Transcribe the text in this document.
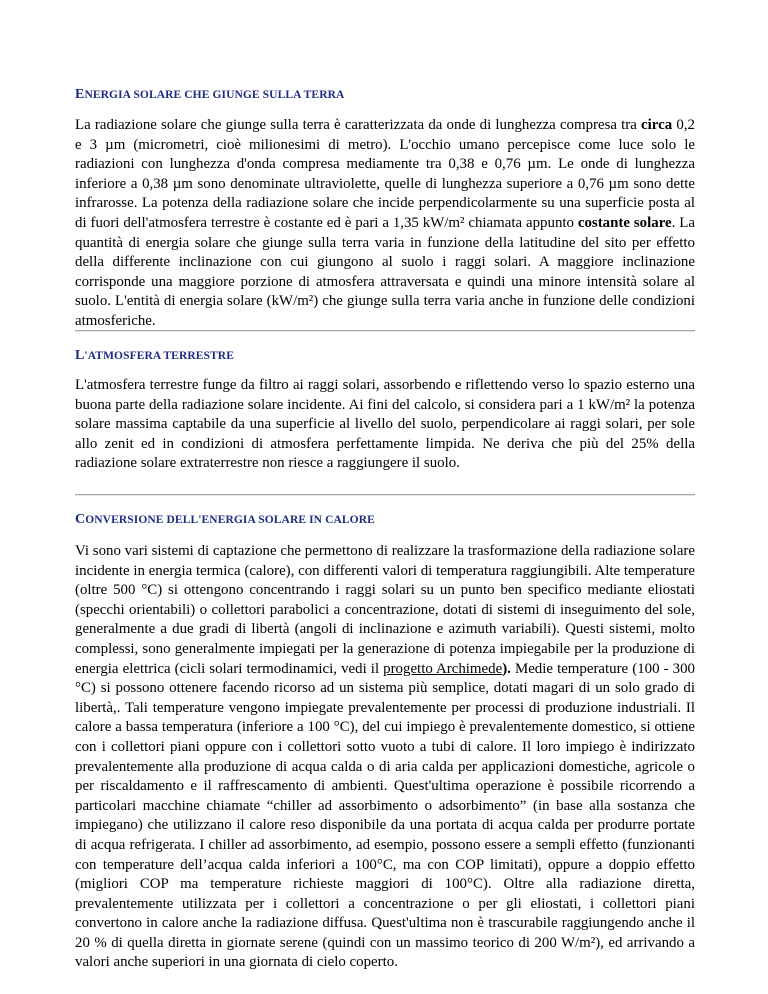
ENERGIA SOLARE CHE GIUNGE SULLA TERRA

La radiazione solare che giunge sulla terra è caratterizzata da onde di lunghezza compresa tra circa 0,2 e 3 µm (micrometri, cioè milionesimi di metro). L'occhio umano percepisce come luce solo le radiazioni con lunghezza d'onda compresa mediamente tra 0,38 e 0,76 µm. Le onde di lunghezza inferiore a 0,38 µm sono denominate ultraviolette, quelle di lunghezza superiore a 0,76 µm sono dette infrarosse. La potenza della radiazione solare che incide perpendicolarmente su una superficie posta al di fuori dell'atmosfera terrestre è costante ed è pari a 1,35 kW/m² chiamata appunto costante solare. La quantità di energia solare che giunge sulla terra varia in funzione della latitudine del sito per effetto della differente inclinazione con cui giungono al suolo i raggi solari. A maggiore inclinazione corrisponde una maggiore porzione di atmosfera attraversata e quindi una minore intensità solare al suolo. L'entità di energia solare (kW/m²) che giunge sulla terra varia anche in funzione delle condizioni atmosferiche.

L'ATMOSFERA TERRESTRE

L'atmosfera terrestre funge da filtro ai raggi solari, assorbendo e riflettendo verso lo spazio esterno una buona parte della radiazione solare incidente. Ai fini del calcolo, si considera pari a 1 kW/m² la potenza solare massima captabile da una superficie al livello del suolo, perpendicolare ai raggi solari, per sole allo zenit ed in condizioni di atmosfera perfettamente limpida. Ne deriva che più del 25% della radiazione solare extraterrestre non riesce a raggiungere il suolo.

CONVERSIONE DELL'ENERGIA SOLARE IN CALORE

Vi sono vari sistemi di captazione che permettono di realizzare la trasformazione della radiazione solare incidente in energia termica (calore), con differenti valori di temperatura raggiungibili. Alte temperature (oltre 500 °C) si ottengono concentrando i raggi solari su un punto ben specifico mediante eliostati (specchi orientabili) o collettori parabolici a concentrazione, dotati di sistemi di inseguimento del sole, generalmente a due gradi di libertà (angoli di inclinazione e azimuth variabili). Questi sistemi, molto complessi, sono generalmente impiegati per la generazione di potenza impiegabile per la produzione di energia elettrica (cicli solari termodinamici, vedi il progetto Archimede). Medie temperature (100 - 300 °C) si possono ottenere facendo ricorso ad un sistema più semplice, dotati magari di un solo grado di libertà,. Tali temperature vengono impiegate prevalentemente per processi di produzione industriali. Il calore a bassa temperatura (inferiore a 100 °C), del cui impiego è prevalentemente domestico, si ottiene con i collettori piani oppure con i collettori sotto vuoto a tubi di calore. Il loro impiego è indirizzato prevalentemente alla produzione di acqua calda o di aria calda per applicazioni domestiche, agricole o per riscaldamento e il raffrescamento di ambienti. Quest'ultima operazione è possibile ricorrendo a particolari macchine chiamate “chiller ad assorbimento o adsorbimento” (in base alla sostanza che impiegano) che utilizzano il calore reso disponibile da una portata di acqua calda per produrre portate di acqua refrigerata. I chiller ad assorbimento, ad esempio, possono essere a sempli effetto (funzionanti con temperature dell’acqua calda inferiori a 100°C, ma con COP limitati), oppure a doppio effetto (migliori COP ma temperature richieste maggiori di 100°C). Oltre alla radiazione diretta, prevalentemente utilizzata per i collettori a concentrazione o per gli eliostati, i collettori piani convertono in calore anche la radiazione diffusa. Quest'ultima non è trascurabile raggiungendo anche il 20 % di quella diretta in giornate serene (quindi con un massimo teorico di 200 W/m²), ed arrivando a valori anche superiori in una giornata di cielo coperto.
